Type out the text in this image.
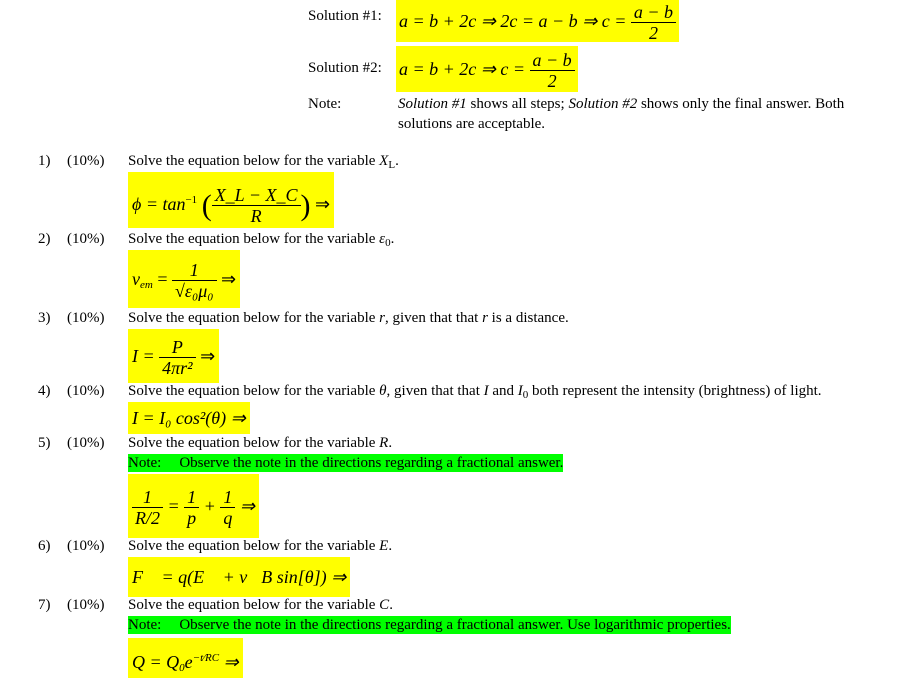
Solution #1: a = b + 2c ⇒ 2c = a − b ⇒ $c = \frac{a - b}{2}$
Solution #2: a = b + 2c ⇒ $c = \frac{a - b}{2}$
Note:	Solution #1 shows all steps; Solution #2 shows only the final answer. Both
solutions are acceptable.
1) (10%) Solve the equation below for the variable $X_L$.
$\phi = \tan^{-1}$ ( $\frac{X\_L - X\_C}{R}$ ) ⇒
2) (10%) Solve the equation below for the variable $\varepsilon_0$.
$v_{em} = \frac{1}{\text{√ε₀μ₀}}$ ⇒
3) (10%) Solve the equation below for the variable r, given that that r is a distance.
$I = \frac{P}{\text{4πr²}}$ ⇒
4) (10%) Solve the equation below for the variable θ, given that that I and $I_0$ both represent the intensity (brightness) of light.
I = I₀ cos²(θ) ⇒
5) (10%) Solve the equation below for the variable R.
Note: Observe the note in the directions regarding a fractional answer.
$\frac{1}{R/2} = \frac{1}{p} + \frac{1}{q}$ ⇒
6) (10%) Solve the equation below for the variable E.
F⃗ = q(E⃗ + v⃗B sin[θ]) ⇒
7) (10%) Solve the equation below for the variable C.
Note: Observe the note in the directions regarding a fractional answer. Use logarithmic properties.
$Q = Q_0e^{-t⁄RC}$ ⇒
